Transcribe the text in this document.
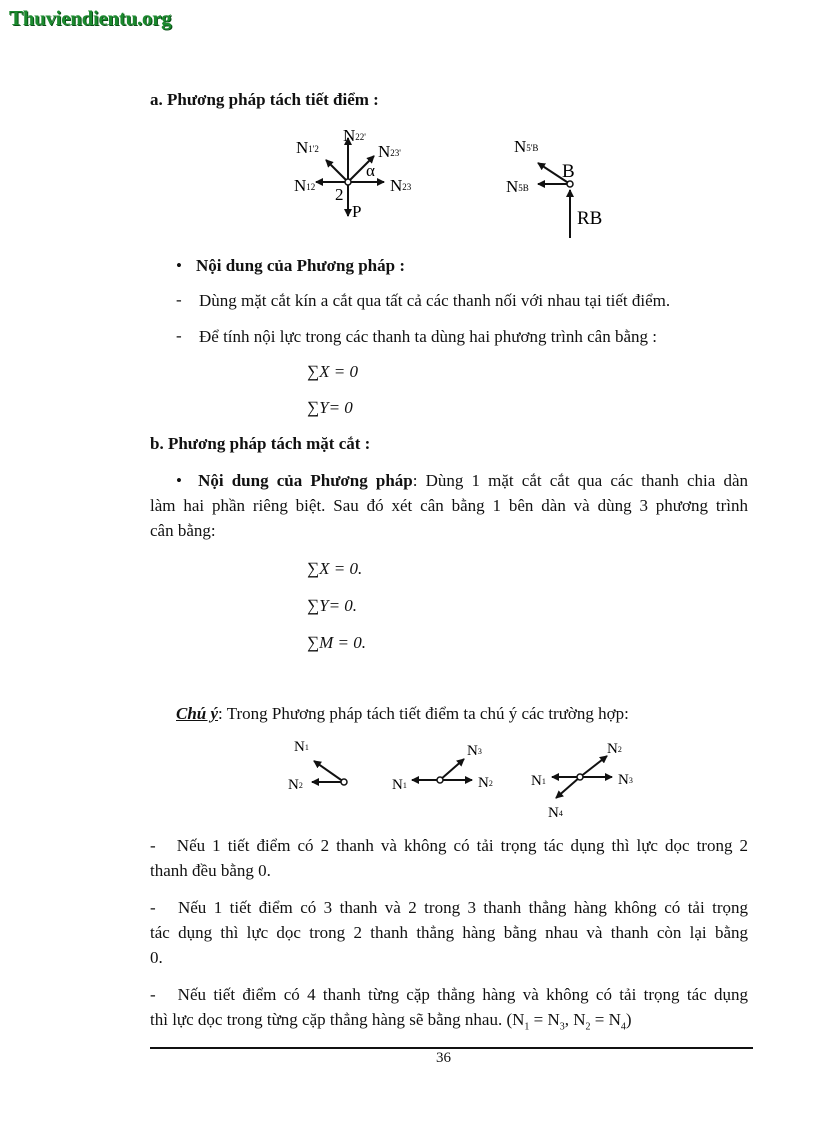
Thuviendientu.org
a. Phương pháp tách tiết điểm :
N22'
N1'2	N23'
N12	N23
α
2
P
N5'B
N5B
B
RB
• Nội dung của Phương pháp :
- Dùng mặt cắt kín a cắt qua tất cả các thanh nối với nhau tại tiết điểm.
- Để tính nội lực trong các thanh ta dùng hai phương trình cân bằng :
∑X = 0
∑Y= 0
b. Phương pháp tách mặt cắt :
• Nội dung của Phương pháp: Dùng 1 mặt cắt cắt qua các thanh chia dàn
làm hai phần riêng biệt. Sau đó xét cân bằng 1 bên dàn và dùng 3 phương trình
cân bằng:
∑X = 0.
∑Y= 0.
∑M = 0.
Chú ý: Trong Phương pháp tách tiết điểm ta chú ý các trường hợp:
N1
N2	N1	N2
N3
N1
N2
N3
N4
-   Nếu 1 tiết điểm có 2 thanh và không có tải trọng tác dụng thì lực dọc trong 2
thanh đều bằng 0.
-   Nếu 1 tiết điểm có 3 thanh và 2 trong 3 thanh thẳng hàng không có tải trọng
tác dụng thì lực dọc trong 2 thanh thẳng hàng bằng nhau và thanh còn lại bằng
0.
-   Nếu tiết điểm có 4 thanh từng cặp thẳng hàng và không có tải trọng tác dụng
thì lực dọc trong từng cặp thẳng hàng sẽ bằng nhau. ($N_1 = N_3$, $N_2 = N_4$)
36
